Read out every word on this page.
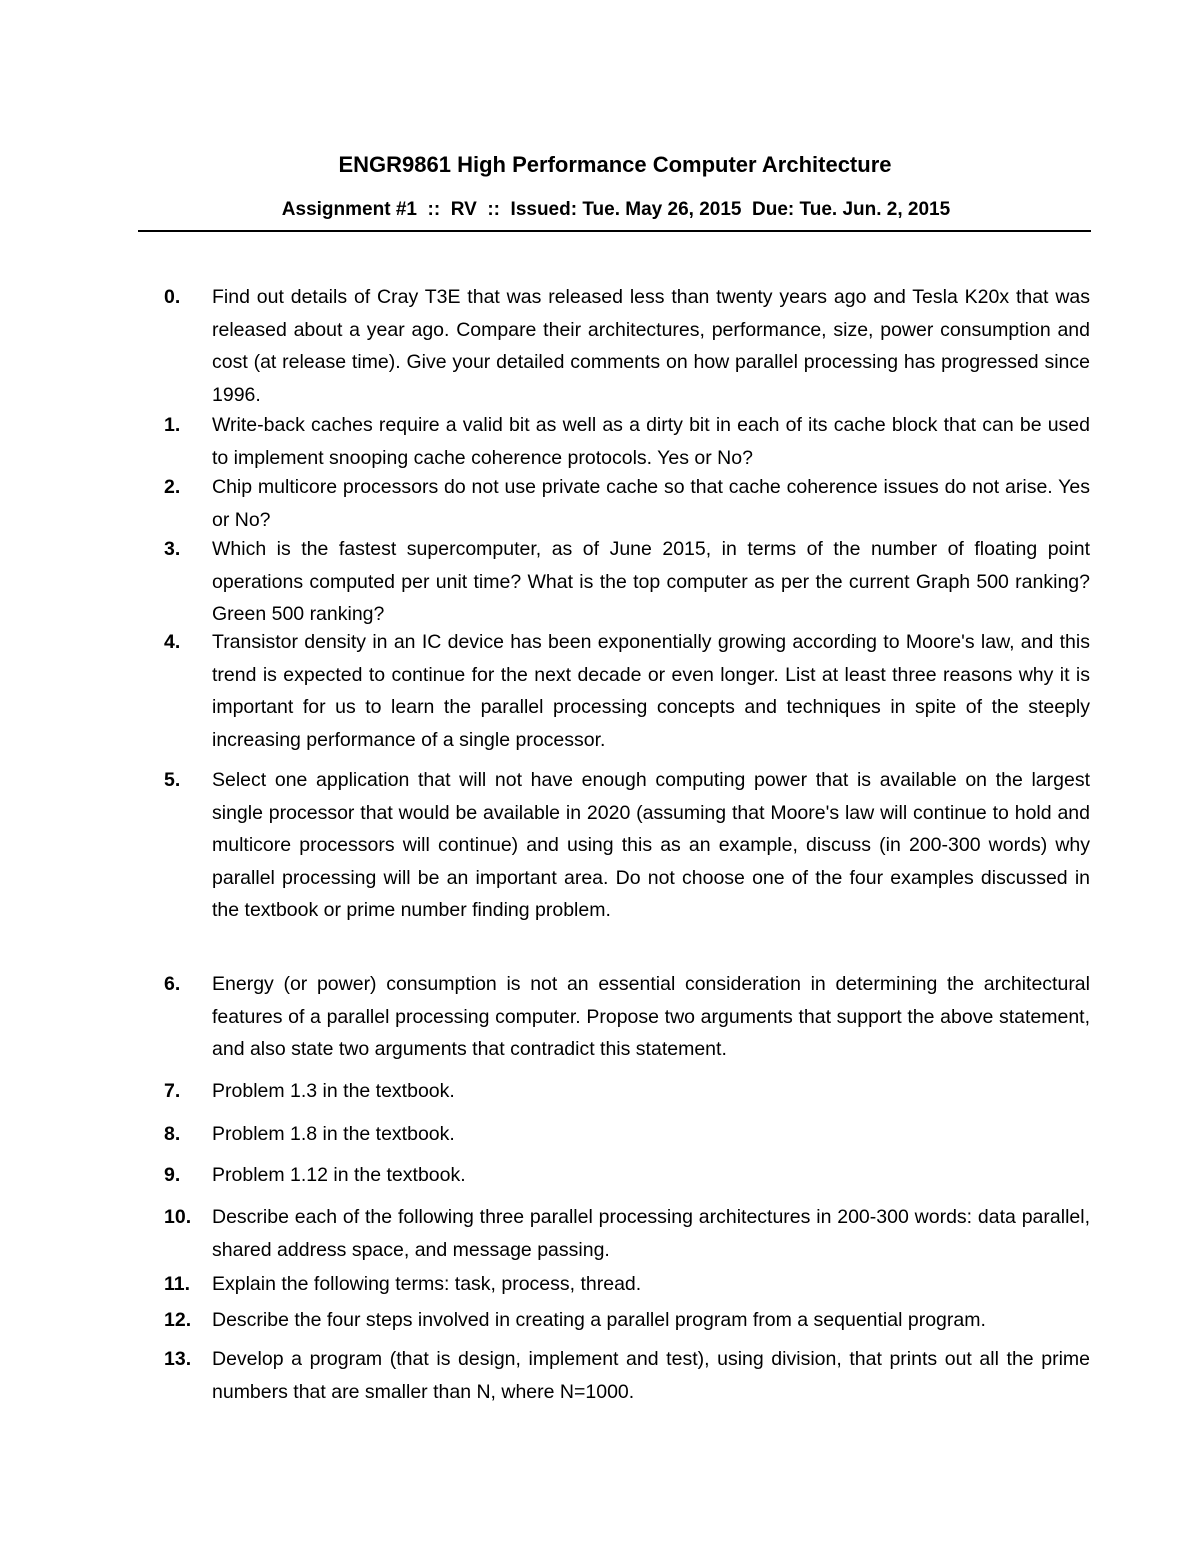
ENGR9861 High Performance Computer Architecture
Assignment #1  ::  RV  ::  Issued: Tue. May 26, 2015  Due: Tue. Jun. 2, 2015
0. Find out details of Cray T3E that was released less than twenty years ago and Tesla K20x that was released about a year ago. Compare their architectures, performance, size, power consumption and cost (at release time). Give your detailed comments on how parallel processing has progressed since 1996.
1. Write-back caches require a valid bit as well as a dirty bit in each of its cache block that can be used to implement snooping cache coherence protocols. Yes or No?
2. Chip multicore processors do not use private cache so that cache coherence issues do not arise. Yes or No?
3. Which is the fastest supercomputer, as of June 2015, in terms of the number of floating point operations computed per unit time? What is the top computer as per the current Graph 500 ranking? Green 500 ranking?
4. Transistor density in an IC device has been exponentially growing according to Moore's law, and this trend is expected to continue for the next decade or even longer. List at least three reasons why it is important for us to learn the parallel processing concepts and techniques in spite of the steeply increasing performance of a single processor.
5. Select one application that will not have enough computing power that is available on the largest single processor that would be available in 2020 (assuming that Moore's law will continue to hold and multicore processors will continue) and using this as an example, discuss (in 200-300 words) why parallel processing will be an important area. Do not choose one of the four examples discussed in the textbook or prime number finding problem.
6. Energy (or power) consumption is not an essential consideration in determining the architectural features of a parallel processing computer. Propose two arguments that support the above statement, and also state two arguments that contradict this statement.
7. Problem 1.3 in the textbook.
8. Problem 1.8 in the textbook.
9. Problem 1.12 in the textbook.
10. Describe each of the following three parallel processing architectures in 200-300 words: data parallel, shared address space, and message passing.
11. Explain the following terms: task, process, thread.
12. Describe the four steps involved in creating a parallel program from a sequential program.
13. Develop a program (that is design, implement and test), using division, that prints out all the prime numbers that are smaller than N, where N=1000.
